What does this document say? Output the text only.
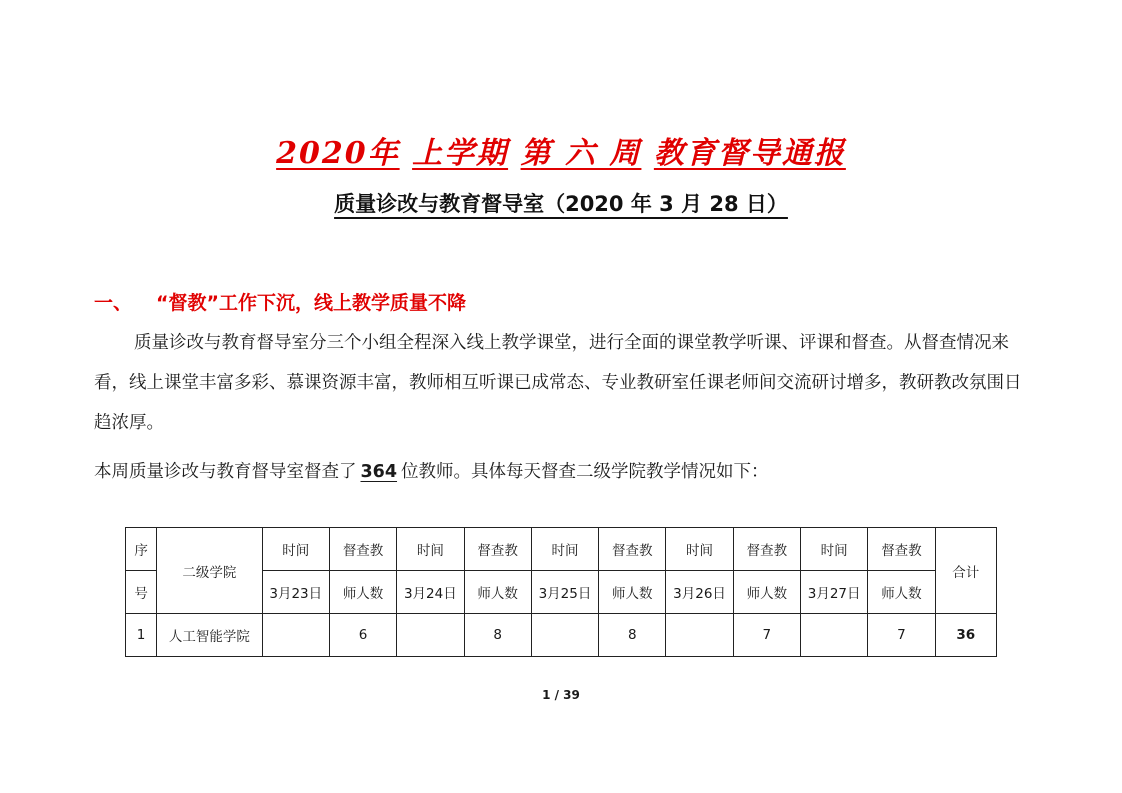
2020年 上学期 第 六 周 教育督导通报
质量诊改与教育督导室（2020 年 3 月 28 日）
一、 “督教”工作下沉，线上教学质量不降
质量诊改与教育督导室分三个小组全程深入线上教学课堂，进行全面的课堂教学听课、评课和督查。从督查情况来看，线上课堂丰富多彩、慕课资源丰富，教师相互听课已成常态、专业教研室任课老师间交流研讨增多，教研教改氛围日趋浓厚。
本周质量诊改与教育督导室督查了 364 位教师。具体每天督查二级学院教学情况如下：
序	二级学院	时间	督查教	时间	督查教	时间	督查教	时间	督查教	时间	督查教	合计
号		3月23日	师人数	3月24日	师人数	3月25日	师人数	3月26日	师人数	3月27日	师人数	
1	人工智能学院		6		8		8		7		7	36
1 / 39
